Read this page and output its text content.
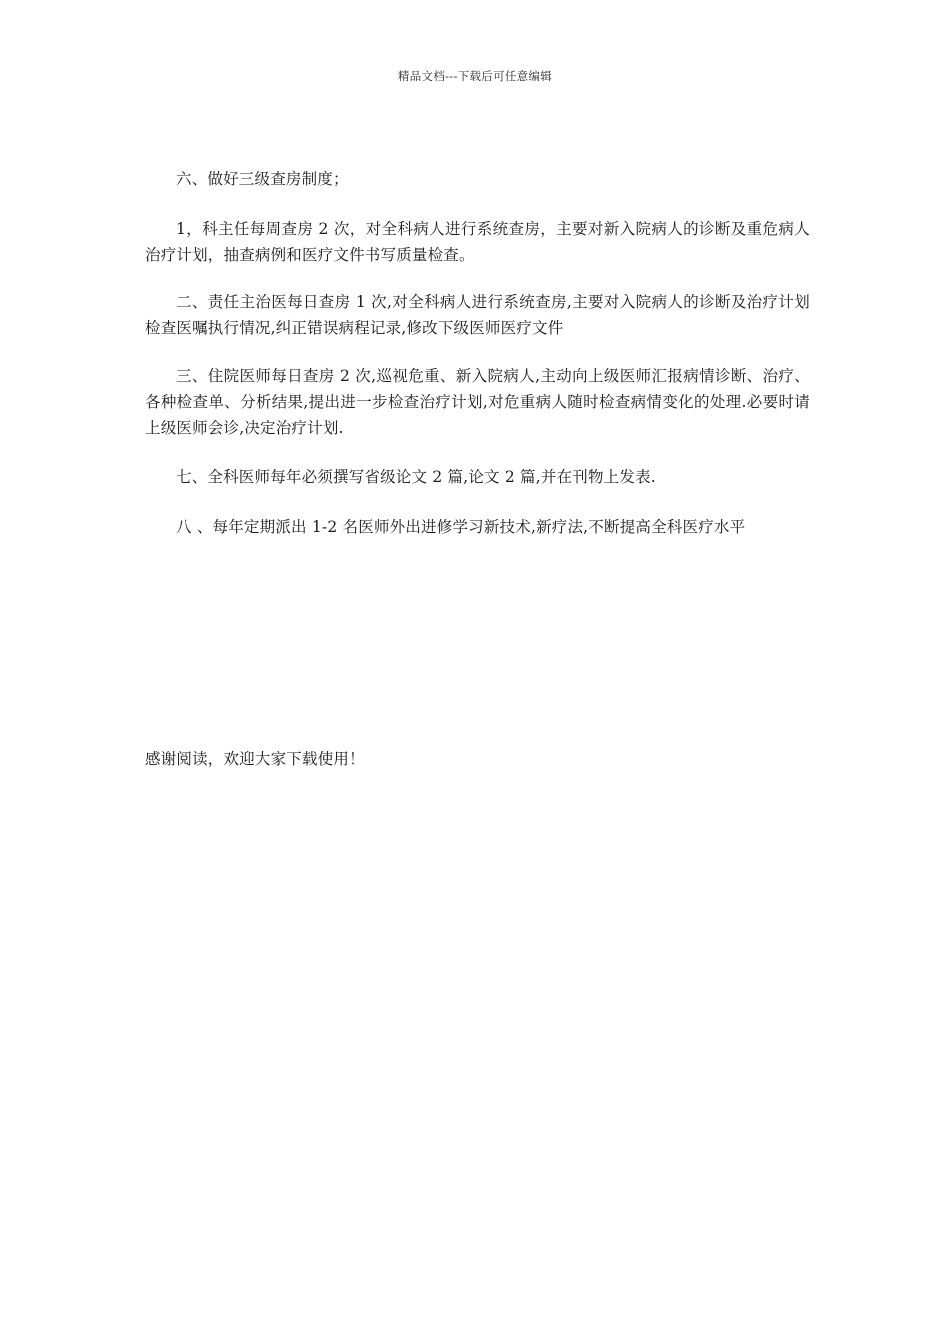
精品文档---下载后可任意编辑

六、做好三级查房制度；

1，科主任每周查房 2 次，对全科病人进行系统查房，主要对新入院病人的诊断及重危病人治疗计划，抽查病例和医疗文件书写质量检查。

二、责任主治医每日查房 1 次,对全科病人进行系统查房,主要对入院病人的诊断及治疗计划检查医嘱执行情况,纠正错误病程记录,修改下级医师医疗文件

三、住院医师每日查房 2 次,巡视危重、新入院病人,主动向上级医师汇报病情诊断、治疗、各种检查单、分析结果,提出进一步检查治疗计划,对危重病人随时检查病情变化的处理.必要时请上级医师会诊,决定治疗计划.

七、全科医师每年必须撰写省级论文 2 篇,论文 2 篇,并在刊物上发表.

八 、每年定期派出 1-2 名医师外出进修学习新技术,新疗法,不断提高全科医疗水平

感谢阅读，欢迎大家下载使用！
